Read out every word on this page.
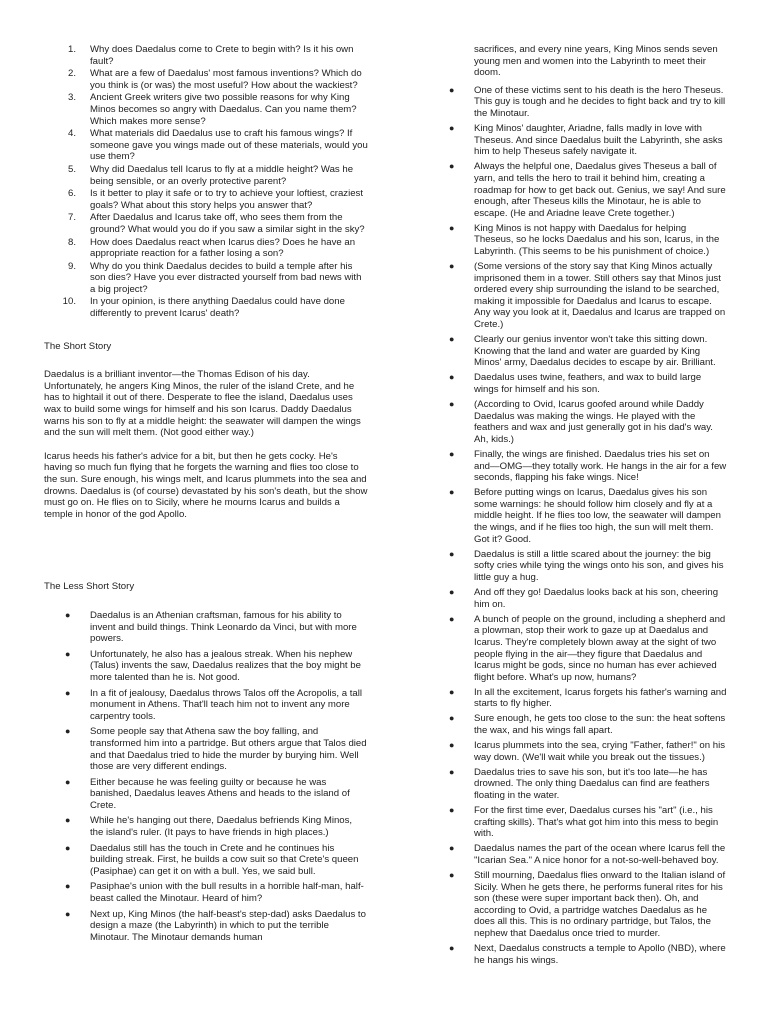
1. Why does Daedalus come to Crete to begin with? Is it his own fault?
2. What are a few of Daedalus' most famous inventions? Which do you think is (or was) the most useful? How about the wackiest?
3. Ancient Greek writers give two possible reasons for why King Minos becomes so angry with Daedalus. Can you name them? Which makes more sense?
4. What materials did Daedalus use to craft his famous wings? If someone gave you wings made out of these materials, would you use them?
5. Why did Daedalus tell Icarus to fly at a middle height? Was he being sensible, or an overly protective parent?
6. Is it better to play it safe or to try to achieve your loftiest, craziest goals? What about this story helps you answer that?
7. After Daedalus and Icarus take off, who sees them from the ground? What would you do if you saw a similar sight in the sky?
8. How does Daedalus react when Icarus dies? Does he have an appropriate reaction for a father losing a son?
9. Why do you think Daedalus decides to build a temple after his son dies? Have you ever distracted yourself from bad news with a big project?
10. In your opinion, is there anything Daedalus could have done differently to prevent Icarus' death?
The Short Story

Daedalus is a brilliant inventor—the Thomas Edison of his day. Unfortunately, he angers King Minos, the ruler of the island Crete, and he has to hightail it out of there. Desperate to flee the island, Daedalus uses wax to build some wings for himself and his son Icarus. Daddy Daedalus warns his son to fly at a middle height: the seawater will dampen the wings and the sun will melt them. (Not good either way.)

Icarus heeds his father's advice for a bit, but then he gets cocky. He's having so much fun flying that he forgets the warning and flies too close to the sun. Sure enough, his wings melt, and Icarus plummets into the sea and drowns. Daedalus is (of course) devastated by his son's death, but the show must go on. He flies on to Sicily, where he mourns Icarus and builds a temple in honor of the god Apollo.

The Less Short Story
● Daedalus is an Athenian craftsman, famous for his ability to invent and build things. Think Leonardo da Vinci, but with more powers.
● Unfortunately, he also has a jealous streak. When his nephew (Talus) invents the saw, Daedalus realizes that the boy might be more talented than he is. Not good.
● In a fit of jealousy, Daedalus throws Talos off the Acropolis, a tall monument in Athens. That'll teach him not to invent any more carpentry tools.
● Some people say that Athena saw the boy falling, and transformed him into a partridge. But others argue that Talos died and that Daedalus tried to hide the murder by burying him. Well those are very different endings.
● Either because he was feeling guilty or because he was banished, Daedalus leaves Athens and heads to the island of Crete.
● While he's hanging out there, Daedalus befriends King Minos, the island's ruler. (It pays to have friends in high places.)
● Daedalus still has the touch in Crete and he continues his building streak. First, he builds a cow suit so that Crete's queen (Pasiphae) can get it on with a bull. Yes, we said bull.
● Pasiphae's union with the bull results in a horrible half-man, half-beast called the Minotaur. Heard of him?
● Next up, King Minos (the half-beast's step-dad) asks Daedalus to design a maze (the Labyrinth) in which to put the terrible Minotaur. The Minotaur demands human
sacrifices, and every nine years, King Minos sends seven young men and women into the Labyrinth to meet their doom.
● One of these victims sent to his death is the hero Theseus. This guy is tough and he decides to fight back and try to kill the Minotaur.
● King Minos' daughter, Ariadne, falls madly in love with Theseus. And since Daedalus built the Labyrinth, she asks him to help Theseus safely navigate it.
● Always the helpful one, Daedalus gives Theseus a ball of yarn, and tells the hero to trail it behind him, creating a roadmap for how to get back out. Genius, we say! And sure enough, after Theseus kills the Minotaur, he is able to escape. (He and Ariadne leave Crete together.)
● King Minos is not happy with Daedalus for helping Theseus, so he locks Daedalus and his son, Icarus, in the Labyrinth. (This seems to be his punishment of choice.)
● (Some versions of the story say that King Minos actually imprisoned them in a tower. Still others say that Minos just ordered every ship surrounding the island to be searched, making it impossible for Daedalus and Icarus to escape. Any way you look at it, Daedalus and Icarus are trapped on Crete.)
● Clearly our genius inventor won't take this sitting down. Knowing that the land and water are guarded by King Minos' army, Daedalus decides to escape by air. Brilliant.
● Daedalus uses twine, feathers, and wax to build large wings for himself and his son.
● (According to Ovid, Icarus goofed around while Daddy Daedalus was making the wings. He played with the feathers and wax and just generally got in his dad's way. Ah, kids.)
● Finally, the wings are finished. Daedalus tries his set on and—OMG—they totally work. He hangs in the air for a few seconds, flapping his fake wings. Nice!
● Before putting wings on Icarus, Daedalus gives his son some warnings: he should follow him closely and fly at a middle height. If he flies too low, the seawater will dampen the wings, and if he flies too high, the sun will melt them. Got it? Good.
● Daedalus is still a little scared about the journey: the big softy cries while tying the wings onto his son, and gives his little guy a hug.
● And off they go! Daedalus looks back at his son, cheering him on.
● A bunch of people on the ground, including a shepherd and a plowman, stop their work to gaze up at Daedalus and Icarus. They're completely blown away at the sight of two people flying in the air—they figure that Daedalus and Icarus might be gods, since no human has ever achieved flight before. What's up now, humans?
● In all the excitement, Icarus forgets his father's warning and starts to fly higher.
● Sure enough, he gets too close to the sun: the heat softens the wax, and his wings fall apart.
● Icarus plummets into the sea, crying "Father, father!" on his way down. (We'll wait while you break out the tissues.)
● Daedalus tries to save his son, but it's too late—he has drowned. The only thing Daedalus can find are feathers floating in the water.
● For the first time ever, Daedalus curses his "art" (i.e., his crafting skills). That's what got him into this mess to begin with.
● Daedalus names the part of the ocean where Icarus fell the "Icarian Sea." A nice honor for a not-so-well-behaved boy.
● Still mourning, Daedalus flies onward to the Italian island of Sicily. When he gets there, he performs funeral rites for his son (these were super important back then). Oh, and according to Ovid, a partridge watches Daedalus as he does all this. This is no ordinary partridge, but Talos, the nephew that Daedalus once tried to murder.
● Next, Daedalus constructs a temple to Apollo (NBD), where he hangs his wings.
